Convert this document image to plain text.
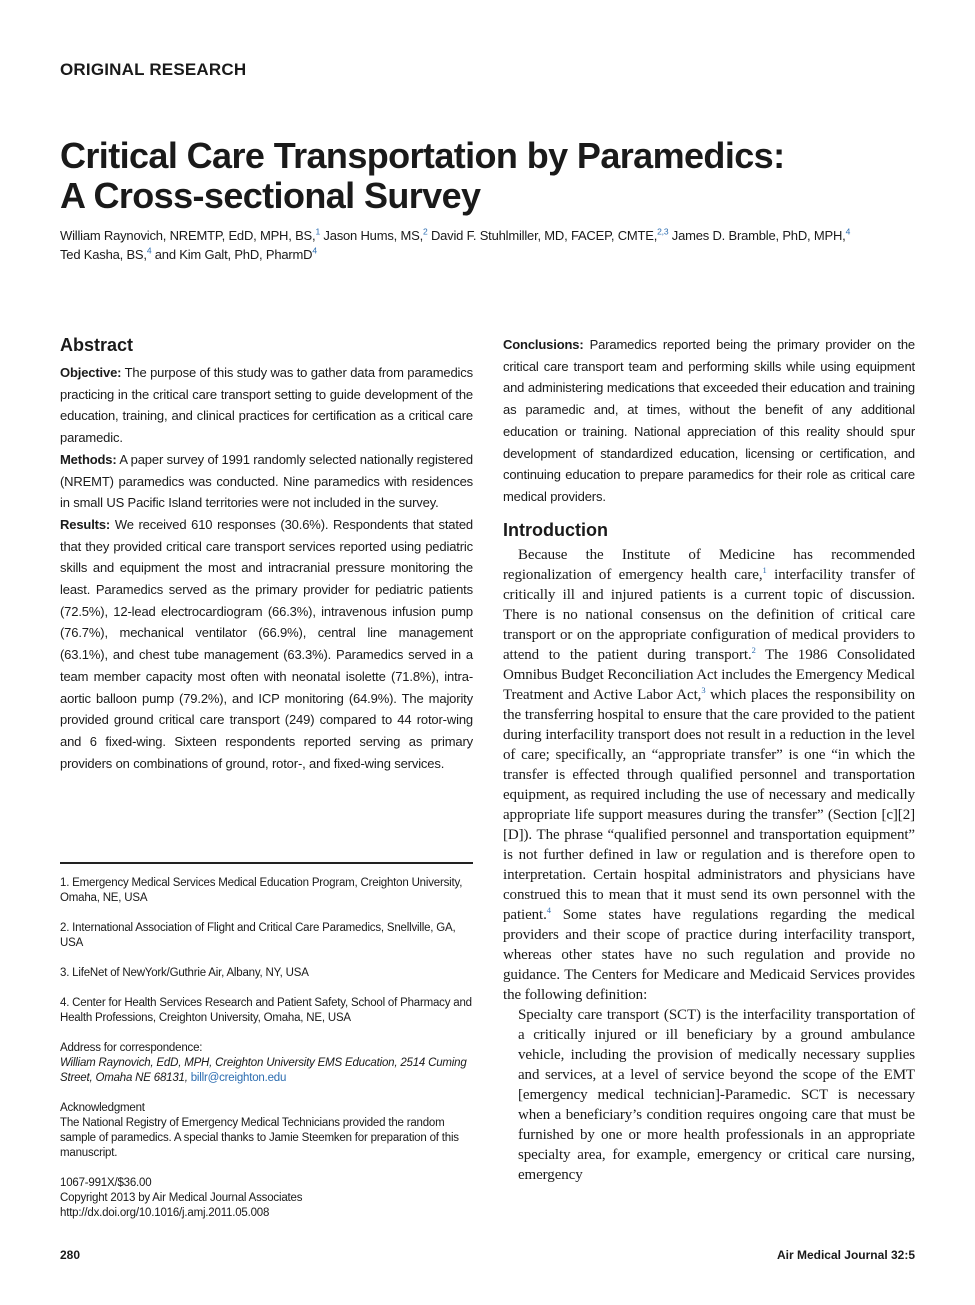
ORIGINAL RESEARCH
Critical Care Transportation by Paramedics:
A Cross-sectional Survey
William Raynovich, NREMTP, EdD, MPH, BS,$^1$ Jason Hums, MS,$^2$ David F. Stuhlmiller, MD, FACEP, CMTE,$^{2,3}$ James D. Bramble, PhD, MPH,$^4$
Ted Kasha, BS,$^4$ and Kim Galt, PhD, PharmD$^4$
Abstract

Objective: The purpose of this study was to gather data from paramedics practicing in the critical care transport setting to guide development of the education, training, and clinical practices for certification as a critical care paramedic.

Methods: A paper survey of 1991 randomly selected nationally registered (NREMT) paramedics was conducted. Nine paramedics with residences in small US Pacific Island territories were not included in the survey.

Results: We received 610 responses (30.6%). Respondents that stated that they provided critical care transport services reported using pediatric skills and equipment the most and intracranial pressure monitoring the least. Paramedics served as the primary provider for pediatric patients (72.5%), 12-lead electrocardiogram (66.3%), intravenous infusion pump (76.7%), mechanical ventilator (66.9%), central line management (63.1%), and chest tube management (63.3%). Paramedics served in a team member capacity most often with neonatal isolette (71.8%), intra-aortic balloon pump (79.2%), and ICP monitoring (64.9%). The majority provided ground critical care transport (249) compared to 44 rotor-wing and 6 fixed-wing. Sixteen respondents reported serving as primary providers on combinations of ground, rotor-, and fixed-wing services.

1. Emergency Medical Services Medical Education Program, Creighton University, Omaha, NE, USA
2. International Association of Flight and Critical Care Paramedics, Snellville, GA, USA
3. LifeNet of NewYork/Guthrie Air, Albany, NY, USA
4. Center for Health Services Research and Patient Safety, School of Pharmacy and Health Professions, Creighton University, Omaha, NE, USA
Address for correspondence:
William Raynovich, EdD, MPH, Creighton University EMS Education, 2514 Cuming Street, Omaha NE 68131, billr@creighton.edu
Acknowledgment
The National Registry of Emergency Medical Technicians provided the random sample of paramedics. A special thanks to Jamie Steemken for preparation of this manuscript.
1067-991X/$36.00
Copyright 2013 by Air Medical Journal Associates
http://dx.doi.org/10.1016/j.amj.2011.05.008

Conclusions: Paramedics reported being the primary provider on the critical care transport team and performing skills while using equipment and administering medications that exceeded their education and training as paramedic and, at times, without the benefit of any additional education or training. National appreciation of this reality should spur development of standardized education, licensing or certification, and continuing education to prepare paramedics for their role as critical care medical providers.

Introduction

Because the Institute of Medicine has recommended regionalization of emergency health care,$^1$ interfacility transfer of critically ill and injured patients is a current topic of discussion. There is no national consensus on the definition of critical care transport or on the appropriate configuration of medical providers to attend to the patient during transport.$^2$ The 1986 Consolidated Omnibus Budget Reconciliation Act includes the Emergency Medical Treatment and Active Labor Act,$^3$ which places the responsibility on the transferring hospital to ensure that the care provided to the patient during interfacility transport does not result in a reduction in the level of care; specifically, an “appropriate transfer” is one “in which the transfer is effected through qualified personnel and transportation equipment, as required including the use of necessary and medically appropriate life support measures during the transfer” (Section [c][2][D]). The phrase “qualified personnel and transportation equipment” is not further defined in law or regulation and is therefore open to interpretation. Certain hospital administrators and physicians have construed this to mean that it must send its own personnel with the patient.$^4$ Some states have regulations regarding the medical providers and their scope of practice during interfacility transport, whereas other states have no such regulation and provide no guidance. The Centers for Medicare and Medicaid Services provides the following definition:

Specialty care transport (SCT) is the interfacility transportation of a critically injured or ill beneficiary by a ground ambulance vehicle, including the provision of medically necessary supplies and services, at a level of service beyond the scope of the EMT [emergency medical technician]-Paramedic. SCT is necessary when a beneficiary’s condition requires ongoing care that must be furnished by one or more health professionals in an appropriate specialty area, for example, emergency or critical care nursing, emergency

280	Air Medical Journal 32:5
